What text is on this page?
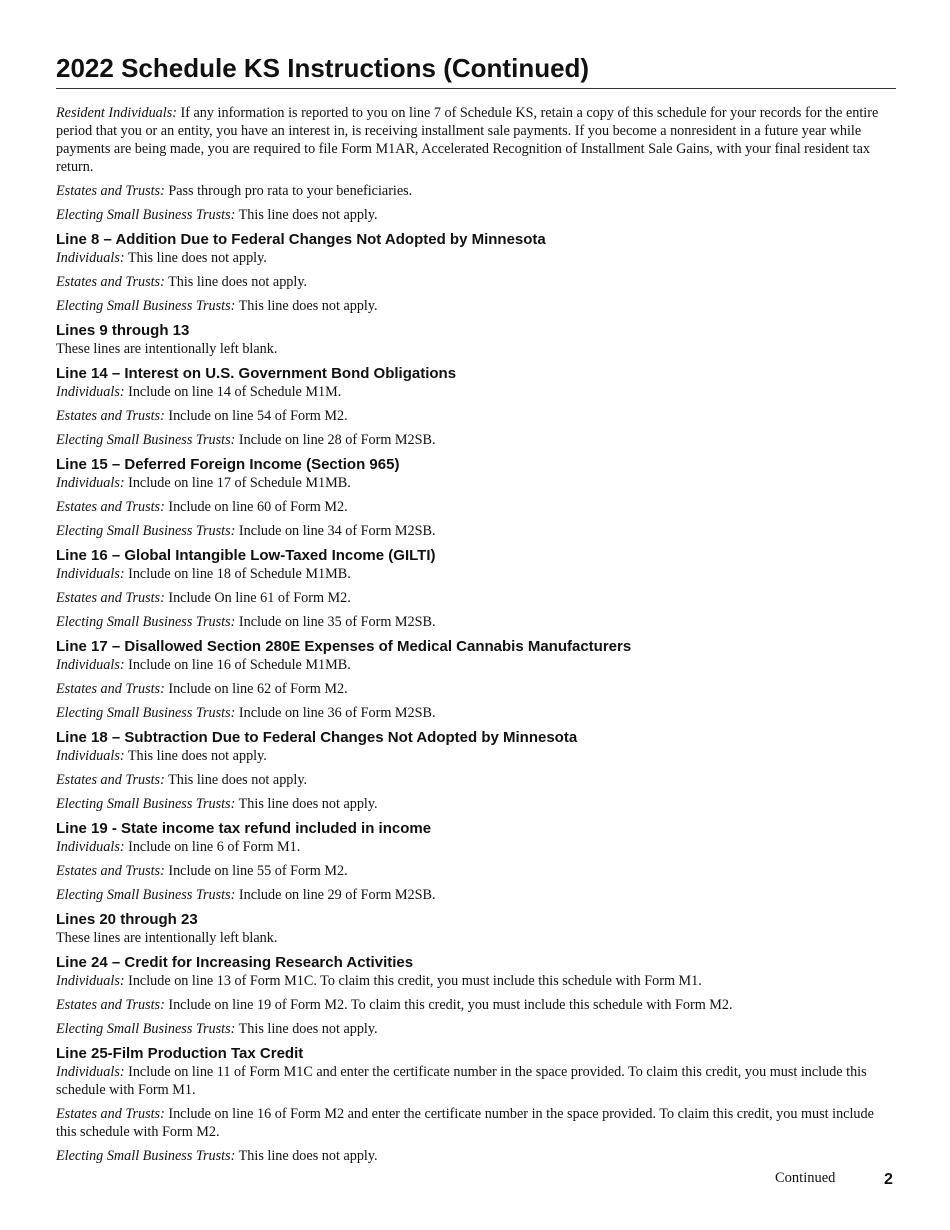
2022 Schedule KS Instructions (Continued)

Resident Individuals: If any information is reported to you on line 7 of Schedule KS, retain a copy of this schedule for your records for the entire period that you or an entity, you have an interest in, is receiving installment sale payments. If you become a nonresident in a future year while payments are being made, you are required to file Form M1AR, Accelerated Recognition of Installment Sale Gains, with your final resident tax return.

Estates and Trusts: Pass through pro rata to your beneficiaries.

Electing Small Business Trusts: This line does not apply.

Line 8 – Addition Due to Federal Changes Not Adopted by Minnesota

Individuals: This line does not apply.

Estates and Trusts: This line does not apply.

Electing Small Business Trusts: This line does not apply.

Lines 9 through 13

These lines are intentionally left blank.

Line 14 – Interest on U.S. Government Bond Obligations

Individuals: Include on line 14 of Schedule M1M.

Estates and Trusts: Include on line 54 of Form M2.

Electing Small Business Trusts: Include on line 28 of Form M2SB.

Line 15 – Deferred Foreign Income (Section 965)

Individuals: Include on line 17 of Schedule M1MB.

Estates and Trusts: Include on line 60 of Form M2.

Electing Small Business Trusts: Include on line 34 of Form M2SB.

Line 16 – Global Intangible Low-Taxed Income (GILTI)

Individuals: Include on line 18 of Schedule M1MB.

Estates and Trusts: Include On line 61 of Form M2.

Electing Small Business Trusts: Include on line 35 of Form M2SB.

Line 17 – Disallowed Section 280E Expenses of Medical Cannabis Manufacturers

Individuals: Include on line 16 of Schedule M1MB.

Estates and Trusts: Include on line 62 of Form M2.

Electing Small Business Trusts: Include on line 36 of Form M2SB.

Line 18 – Subtraction Due to Federal Changes Not Adopted by Minnesota

Individuals: This line does not apply.

Estates and Trusts: This line does not apply.

Electing Small Business Trusts: This line does not apply.

Line 19 - State income tax refund included in income

Individuals: Include on line 6 of Form M1.

Estates and Trusts: Include on line 55 of Form M2.

Electing Small Business Trusts: Include on line 29 of Form M2SB.

Lines 20 through 23

These lines are intentionally left blank.

Line 24 – Credit for Increasing Research Activities

Individuals: Include on line 13 of Form M1C. To claim this credit, you must include this schedule with Form M1.

Estates and Trusts: Include on line 19 of Form M2. To claim this credit, you must include this schedule with Form M2.

Electing Small Business Trusts: This line does not apply.

Line 25-Film Production Tax Credit

Individuals: Include on line 11 of Form M1C and enter the certificate number in the space provided. To claim this credit, you must include this schedule with Form M1.

Estates and Trusts: Include on line 16 of Form M2 and enter the certificate number in the space provided. To claim this credit, you must include this schedule with Form M2.

Electing Small Business Trusts: This line does not apply.

Continued	2
